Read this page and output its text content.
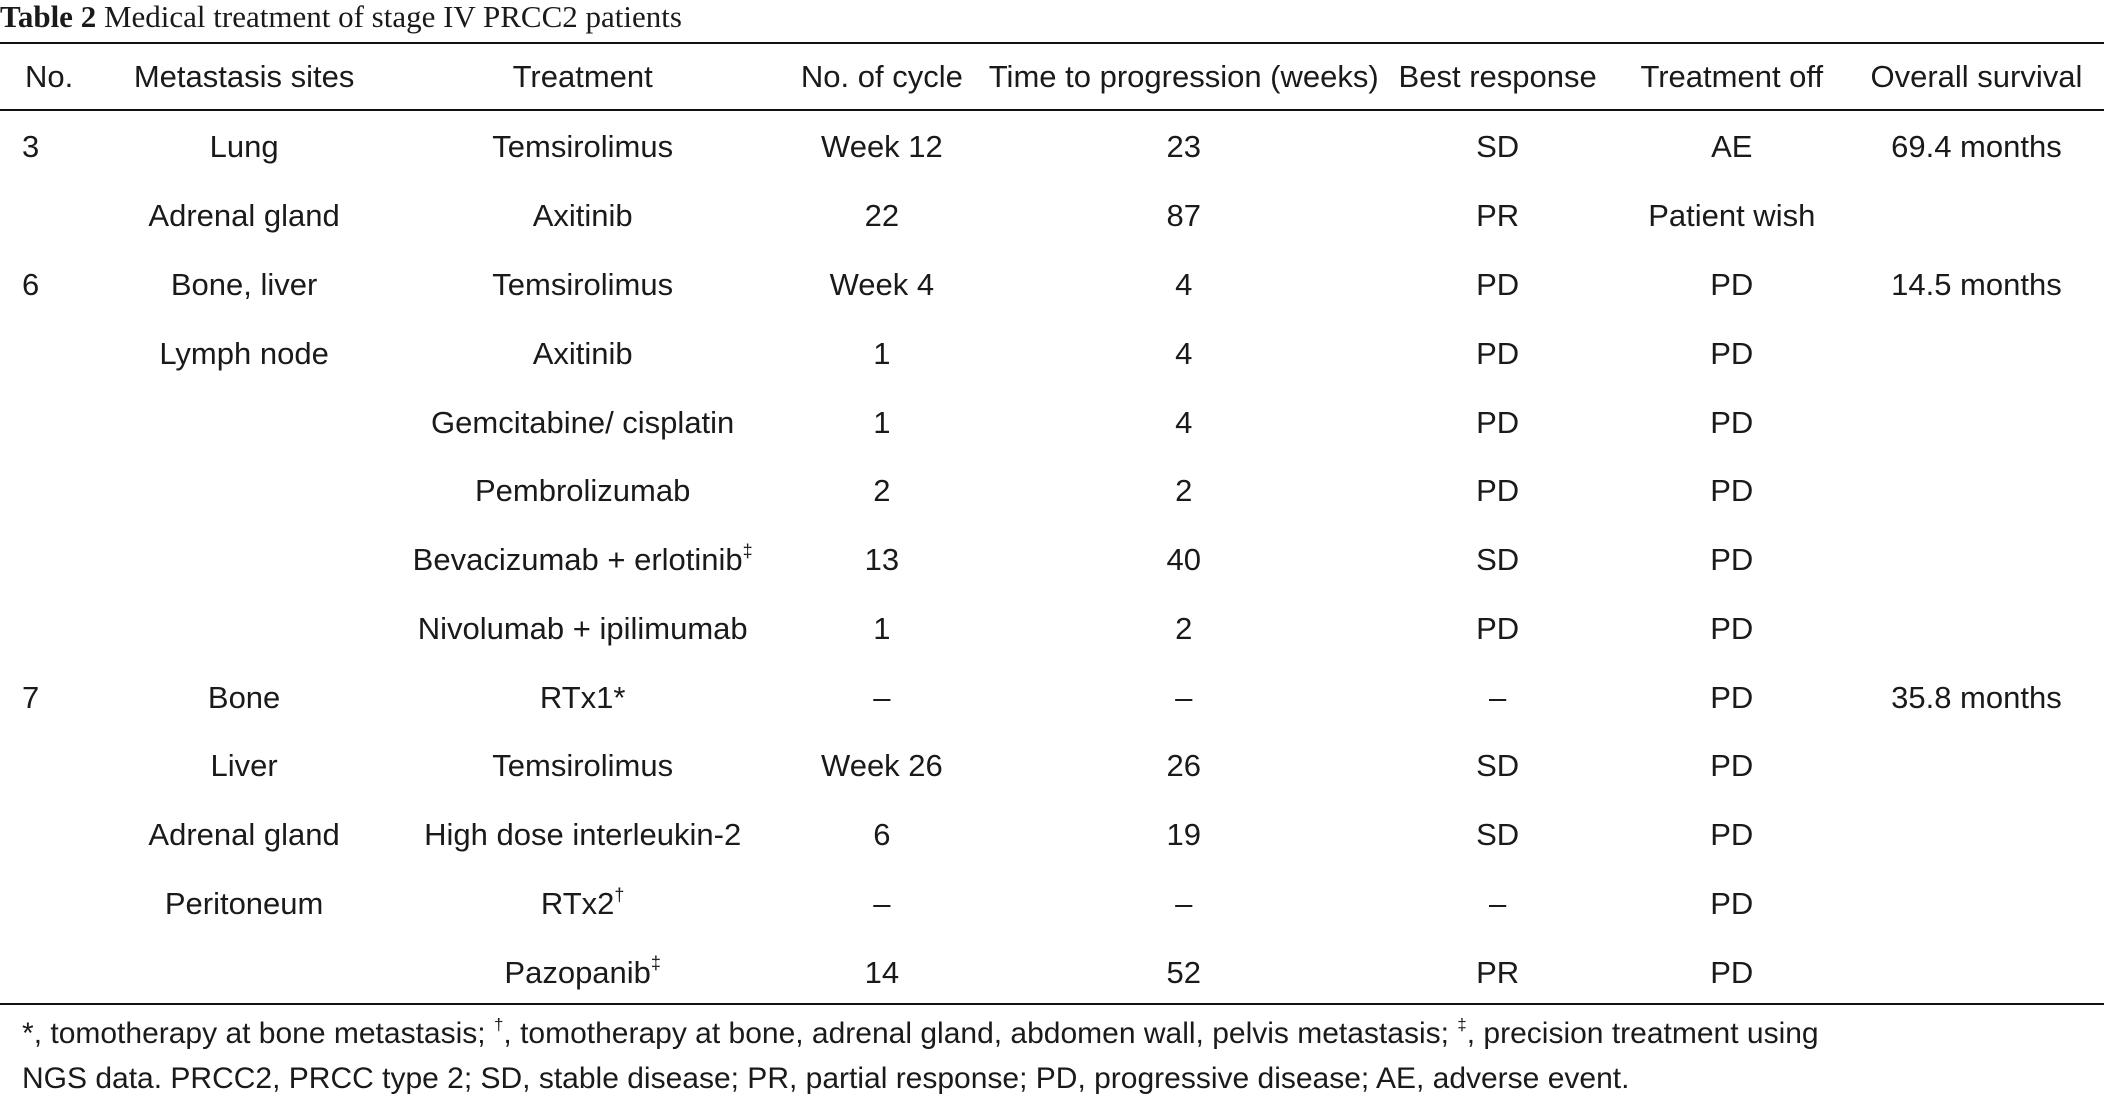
Table 2 Medical treatment of stage IV PRCC2 patients
No.	Metastasis sites	Treatment	No. of cycle	Time to progression (weeks)	Best response	Treatment off	Overall survival

3	Lung	Temsirolimus	Week 12	23	SD	AE	69.4 months
	Adrenal gland	Axitinib	22	87	PR	Patient wish	
6	Bone, liver	Temsirolimus	Week 4	4	PD	PD	14.5 months
	Lymph node	Axitinib	1	4	PD	PD	
		Gemcitabine/ cisplatin	1	4	PD	PD	
		Pembrolizumab	2	2	PD	PD	
		Bevacizumab + erlotinib‡	13	40	SD	PD	
		Nivolumab + ipilimumab	1	2	PD	PD	
7	Bone	RTx1*	–	–	–	PD	35.8 months
	Liver	Temsirolimus	Week 26	26	SD	PD	
	Adrenal gland	High dose interleukin-2	6	19	SD	PD	
	Peritoneum	RTx2†	–	–	–	PD	
		Pazopanib‡	14	52	PR	PD	
*, tomotherapy at bone metastasis; †, tomotherapy at bone, adrenal gland, abdomen wall, pelvis metastasis; ‡, precision treatment using
NGS data. PRCC2, PRCC type 2; SD, stable disease; PR, partial response; PD, progressive disease; AE, adverse event.
